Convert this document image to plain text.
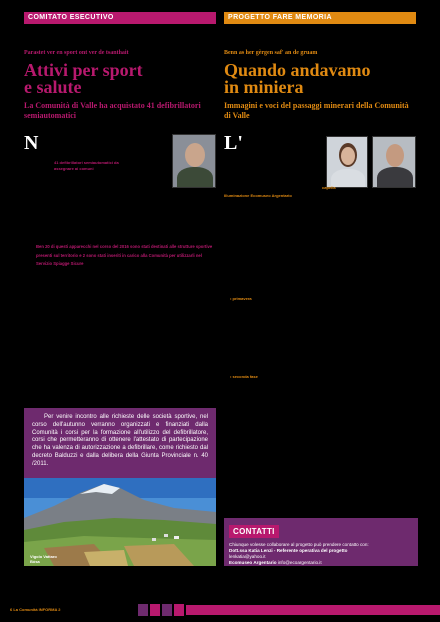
COMITATO ESECUTIVO
Parastet ver en sport ont ver de tsanthait
Attivi per sport
e salute
La Comunità di Valle ha acquistato 41 defibrillatori semiautomatici
N
41 defibrillatori semiautomatici da
assegnare ai comuni
Ben 20 di questi apparecchi nel corso del 2016 sono stati destinati alle strutture sportive presenti sul territorio e 2 sono stati inseriti in carico alla Comunità per utilizzarli nel Servizio Spiagge Sicure
Per venire incontro alle richieste delle società sportive, nel corso dell'autunno verranno organizzati e finanziati dalla Comunità i corsi per la formazione all'utilizzo del defibrillatore, corsi che permetteranno di ottenere l'attestato di partecipazione che ha valenza di autorizzazione a defibrillare, come richiesto dal decreto Balduzzi e dalla delibera della Giunta Provinciale n. 40 /2011.
Vigolo Vattaro
Bòsa
PROGETTO FARE MEMORIA
Benn as her gèrgen saf' an de gruam
Quando andavamo
in miniera
Immagini e voci del passaggi minerari della Comunità di Valle
L'
capella
Illuminazione Ecomuseo Argentario
• primavera
• seconda fase
CONTATTI

Chiunque volesse collaborare al progetto può prendere contatto con:

Dott.ssa Katia Lenzi - Referente operativa del progetto

lenkatia@yahoo.it

Ecomuseo Argentario info@ecoargentario.it

6 La Comunità INFORMA 2
